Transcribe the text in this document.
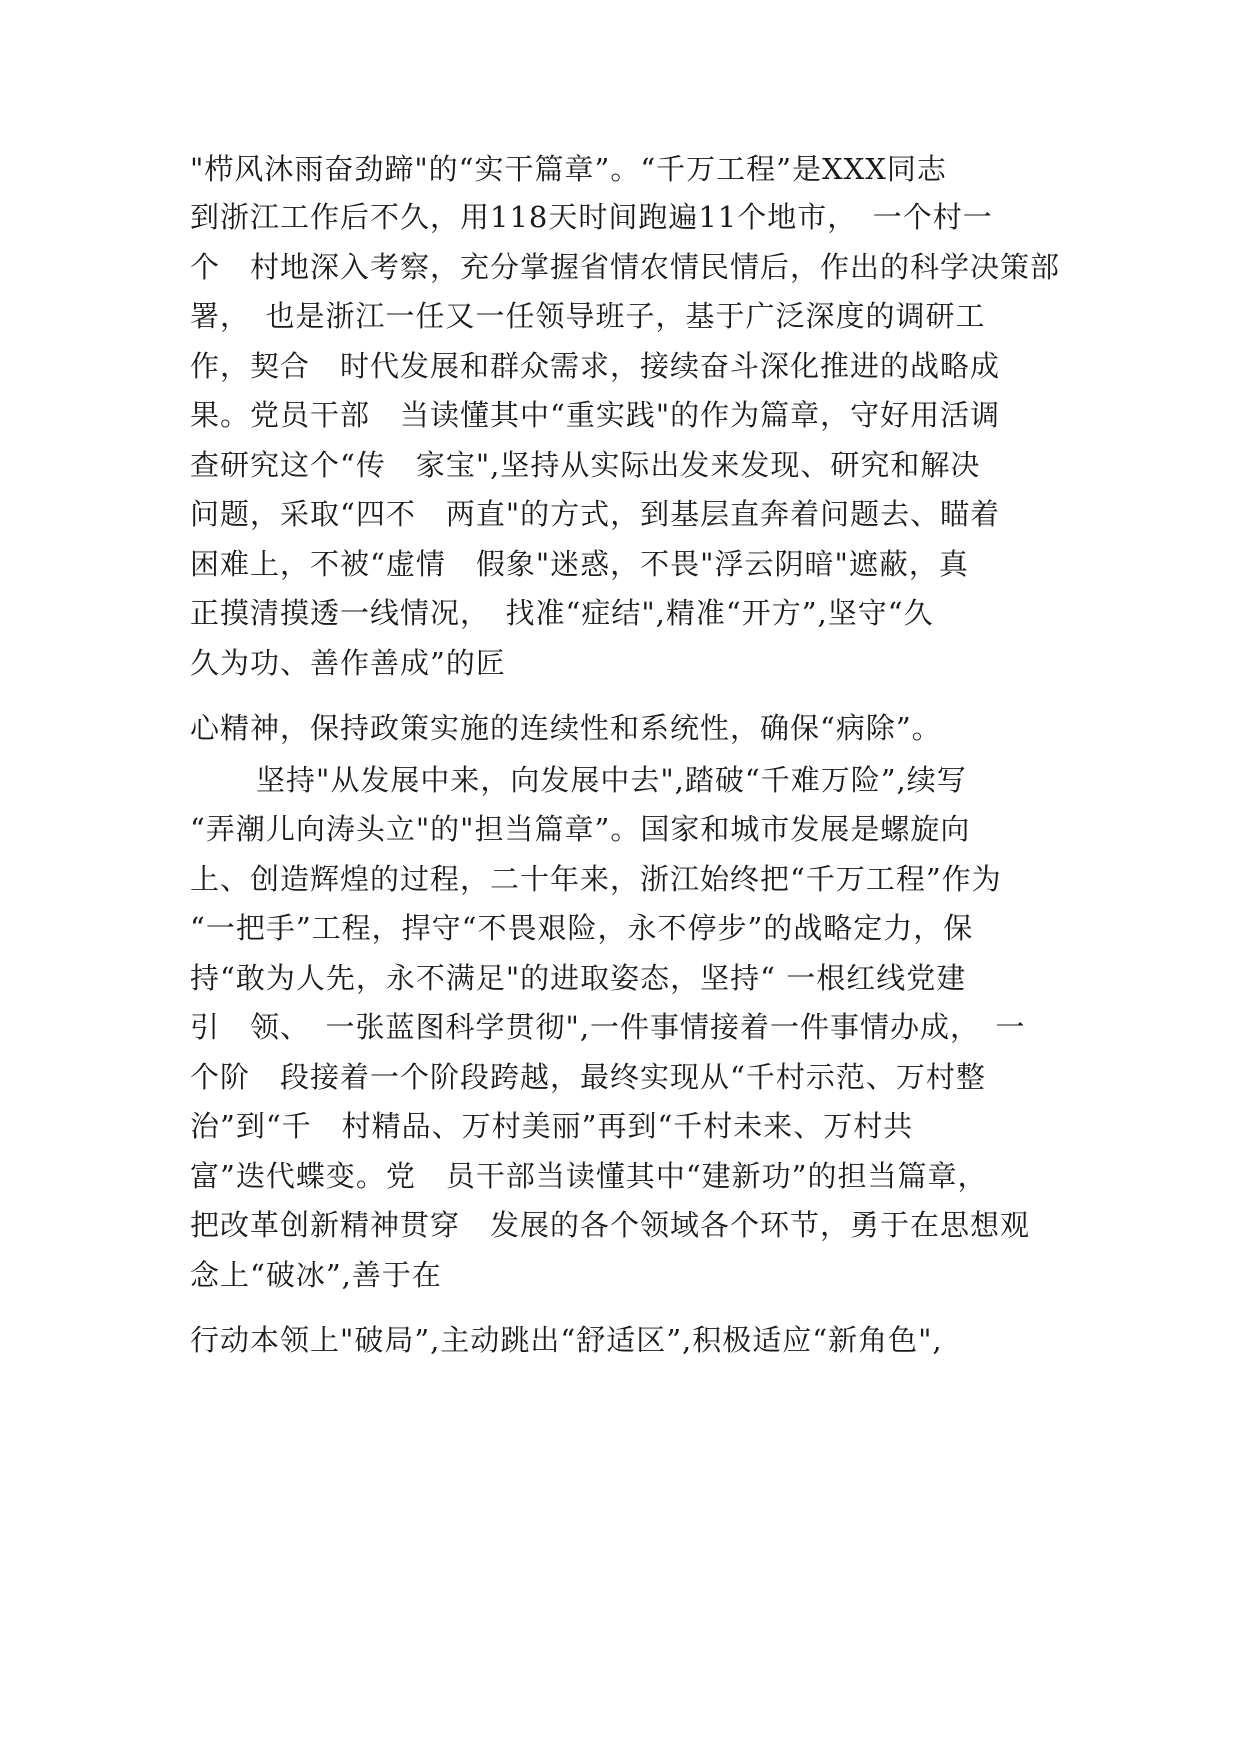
"栉风沐雨奋劲蹄"的“实干篇章”。“千万工程”是XXX同志
到浙江工作后不久，用118天时间跑遍11个地市，　一个村一
个　村地深入考察，充分掌握省情农情民情后，作出的科学决策部
署，　也是浙江一任又一任领导班子，基于广泛深度的调研工
作，契合　时代发展和群众需求，接续奋斗深化推进的战略成
果。党员干部　当读懂其中“重实践"的作为篇章，守好用活调
查研究这个“传　家宝",坚持从实际出发来发现、研究和解决
问题，采取“四不　两直"的方式，到基层直奔着问题去、瞄着
困难上，不被“虚情　假象"迷惑，不畏"浮云阴暗"遮蔽，真
正摸清摸透一线情况，　找准“症结",精准“开方”,坚守“久
久为功、善作善成”的匠
心精神，保持政策实施的连续性和系统性，确保“病除”。
坚持"从发展中来，向发展中去",踏破“千难万险”,续写
“弄潮儿向涛头立"的"担当篇章”。国家和城市发展是螺旋向
上、创造辉煌的过程，二十年来，浙江始终把“千万工程”作为
“一把手”工程，捍守“不畏艰险，永不停步”的战略定力，保
持“敢为人先，永不满足"的进取姿态，坚持“ 一根红线党建
引　领、　一张蓝图科学贯彻",一件事情接着一件事情办成，　一
个阶　段接着一个阶段跨越，最终实现从“千村示范、万村整
治”到“千　村精品、万村美丽”再到“千村未来、万村共
富”迭代蝶变。党　员干部当读懂其中“建新功”的担当篇章，
把改革创新精神贯穿　发展的各个领域各个环节，勇于在思想观
念上“破冰”,善于在
行动本领上"破局”,主动跳出“舒适区”,积极适应“新角色",
